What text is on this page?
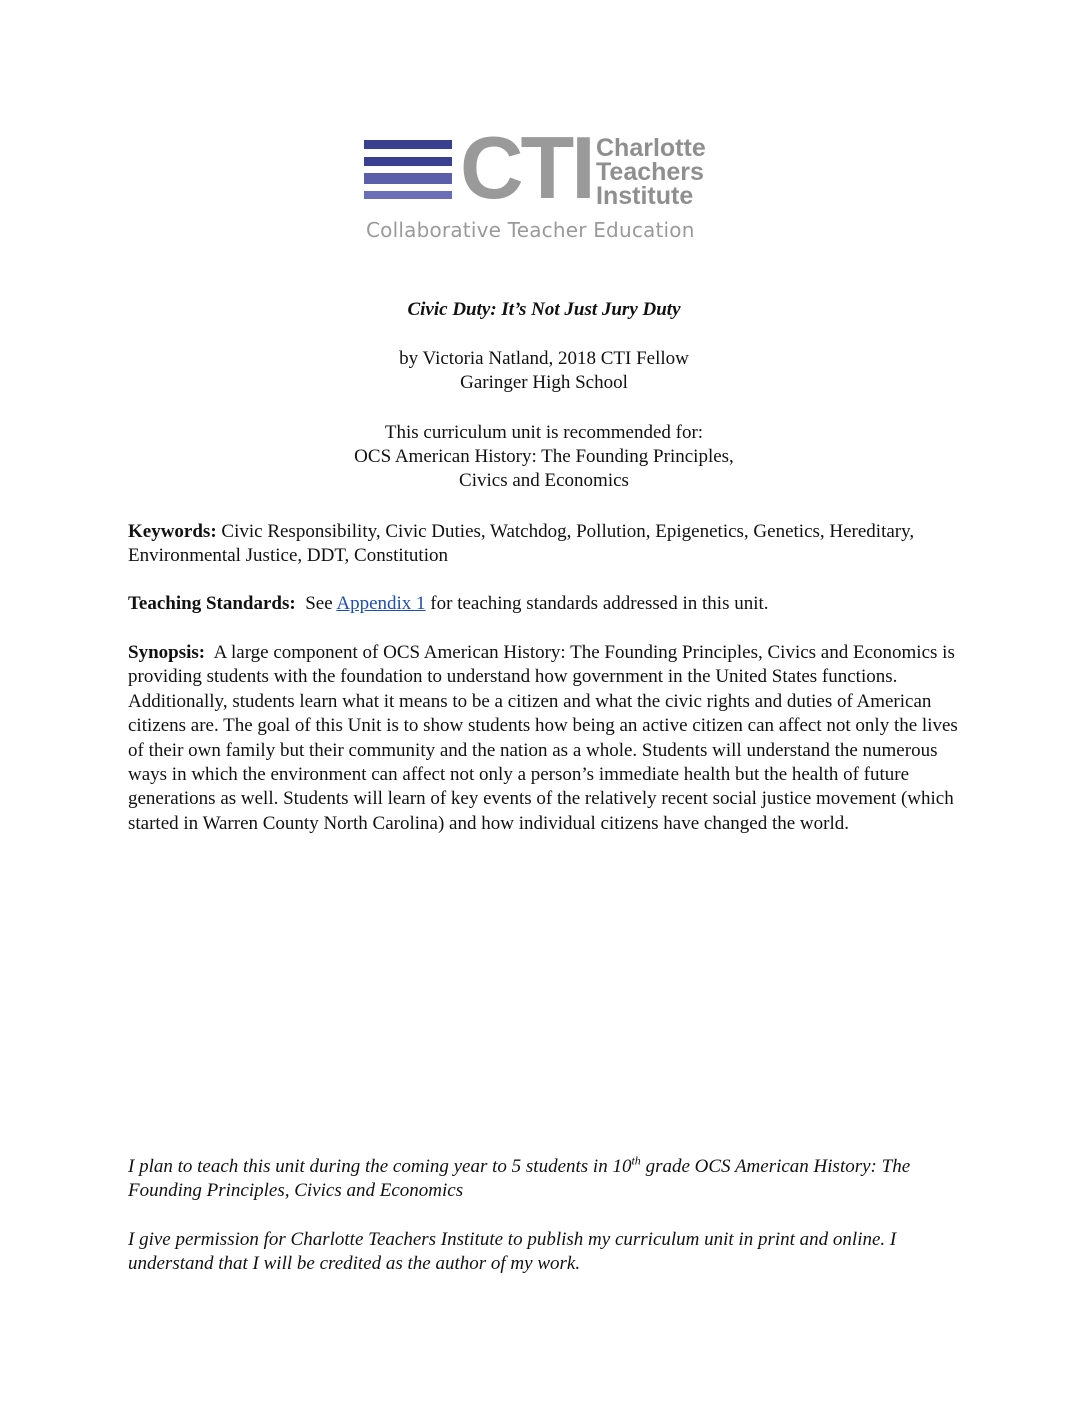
CTI Charlotte
Teachers
Institute
Collaborative Teacher Education
Civic Duty: It’s Not Just Jury Duty
by Victoria Natland, 2018 CTI Fellow
Garinger High School
This curriculum unit is recommended for:
OCS American History: The Founding Principles,
Civics and Economics

Keywords: Civic Responsibility, Civic Duties, Watchdog, Pollution, Epigenetics, Genetics, Hereditary, Environmental Justice, DDT, Constitution

Teaching Standards: See Appendix 1 for teaching standards addressed in this unit.

Synopsis: A large component of OCS American History: The Founding Principles, Civics and Economics is providing students with the foundation to understand how government in the United States functions. Additionally, students learn what it means to be a citizen and what the civic rights and duties of American citizens are. The goal of this Unit is to show students how being an active citizen can affect not only the lives of their own family but their community and the nation as a whole. Students will understand the numerous ways in which the environment can affect not only a person’s immediate health but the health of future generations as well. Students will learn of key events of the relatively recent social justice movement (which started in Warren County North Carolina) and how individual citizens have changed the world.

I plan to teach this unit during the coming year to 5 students in 10th grade OCS American History: The Founding Principles, Civics and Economics

I give permission for Charlotte Teachers Institute to publish my curriculum unit in print and online. I understand that I will be credited as the author of my work.
